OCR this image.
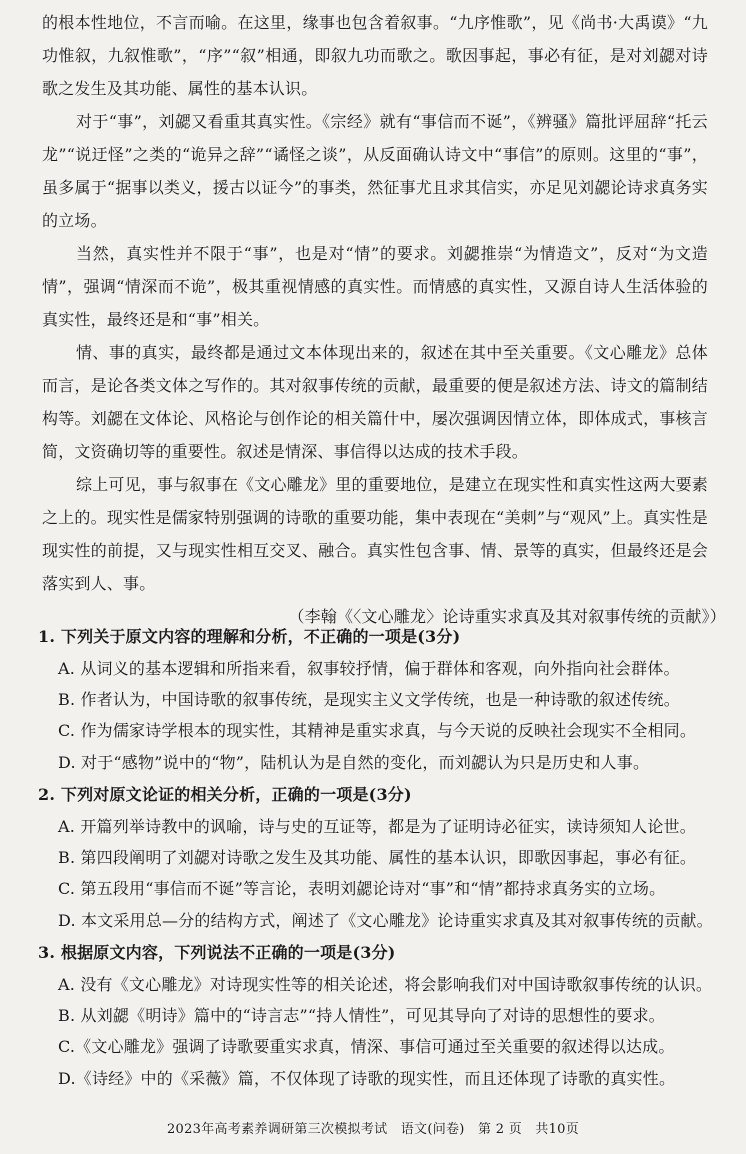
的根本性地位，不言而喻。在这里，缘事也包含着叙事。“九序惟歌”，见《尚书·大禹谟》“九功惟叙，九叙惟歌”，“序”“叙”相通，即叙九功而歌之。歌因事起，事必有征，是对刘勰对诗歌之发生及其功能、属性的基本认识。
对于“事”，刘勰又看重其真实性。《宗经》就有“事信而不诞”，《辨骚》篇批评屈辞“托云龙”“说迂怪”之类的“诡异之辞”“谲怪之谈”，从反面确认诗文中“事信”的原则。这里的“事”，虽多属于“据事以类义，援古以证今”的事类，然征事尤且求其信实，亦足见刘勰论诗求真务实的立场。
当然，真实性并不限于“事”，也是对“情”的要求。刘勰推崇“为情造文”，反对“为文造情”，强调“情深而不诡”，极其重视情感的真实性。而情感的真实性，又源自诗人生活体验的真实性，最终还是和“事”相关。
情、事的真实，最终都是通过文本体现出来的，叙述在其中至关重要。《文心雕龙》总体而言，是论各类文体之写作的。其对叙事传统的贡献，最重要的便是叙述方法、诗文的篇制结构等。刘勰在文体论、风格论与创作论的相关篇什中，屡次强调因情立体，即体成式，事核言简，文资确切等的重要性。叙述是情深、事信得以达成的技术手段。
综上可见，事与叙事在《文心雕龙》里的重要地位，是建立在现实性和真实性这两大要素之上的。现实性是儒家特别强调的诗歌的重要功能，集中表现在“美刺”与“观风”上。真实性是现实性的前提，又与现实性相互交叉、融合。真实性包含事、情、景等的真实，但最终还是会落实到人、事。
（李翰《〈文心雕龙〉论诗重实求真及其对叙事传统的贡献》）
1. 下列关于原文内容的理解和分析，不正确的一项是(3分)
A. 从词义的基本逻辑和所指来看，叙事较抒情，偏于群体和客观，向外指向社会群体。
B. 作者认为，中国诗歌的叙事传统，是现实主义文学传统，也是一种诗歌的叙述传统。
C. 作为儒家诗学根本的现实性，其精神是重实求真，与今天说的反映社会现实不全相同。
D. 对于“感物”说中的“物”，陆机认为是自然的变化，而刘勰认为只是历史和人事。
2. 下列对原文论证的相关分析，正确的一项是(3分)
A. 开篇列举诗教中的讽喻，诗与史的互证等，都是为了证明诗必征实，读诗须知人论世。
B. 第四段阐明了刘勰对诗歌之发生及其功能、属性的基本认识，即歌因事起，事必有征。
C. 第五段用“事信而不诞”等言论，表明刘勰论诗对“事”和“情”都持求真务实的立场。
D. 本文采用总—分的结构方式，阐述了《文心雕龙》论诗重实求真及其对叙事传统的贡献。
3. 根据原文内容，下列说法不正确的一项是(3分)
A. 没有《文心雕龙》对诗现实性等的相关论述，将会影响我们对中国诗歌叙事传统的认识。
B. 从刘勰《明诗》篇中的“诗言志”“持人情性”，可见其导向了对诗的思想性的要求。
C.《文心雕龙》强调了诗歌要重实求真，情深、事信可通过至关重要的叙述得以达成。
D.《诗经》中的《采薇》篇，不仅体现了诗歌的现实性，而且还体现了诗歌的真实性。
2023年高考素养调研第三次模拟考试　语文(问卷)　第 2 页　共10页
